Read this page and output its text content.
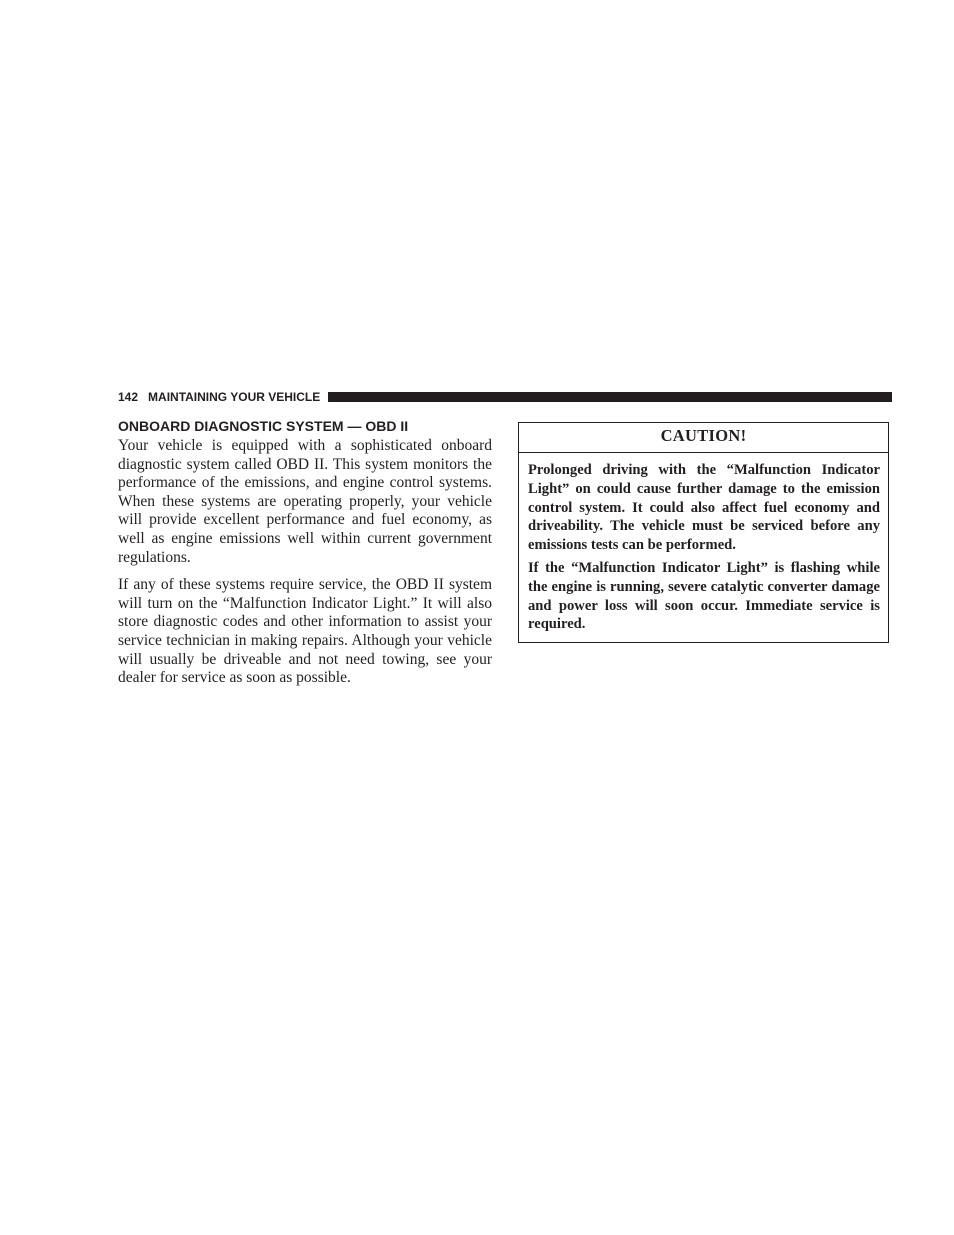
142 MAINTAINING YOUR VEHICLE
ONBOARD DIAGNOSTIC SYSTEM — OBD II

Your vehicle is equipped with a sophisticated onboard diagnostic system called OBD II. This system monitors the performance of the emissions, and engine control systems. When these systems are operating properly, your vehicle will provide excellent performance and fuel economy, as well as engine emissions well within current government regulations.

If any of these systems require service, the OBD II system will turn on the “Malfunction Indicator Light.” It will also store diagnostic codes and other information to assist your service technician in making repairs. Although your vehicle will usually be driveable and not need towing, see your dealer for service as soon as possible.

CAUTION!

Prolonged driving with the “Malfunction Indicator Light” on could cause further damage to the emission control system. It could also affect fuel economy and driveability. The vehicle must be serviced before any emissions tests can be performed.

If the “Malfunction Indicator Light” is flashing while the engine is running, severe catalytic converter damage and power loss will soon occur. Immediate service is required.
